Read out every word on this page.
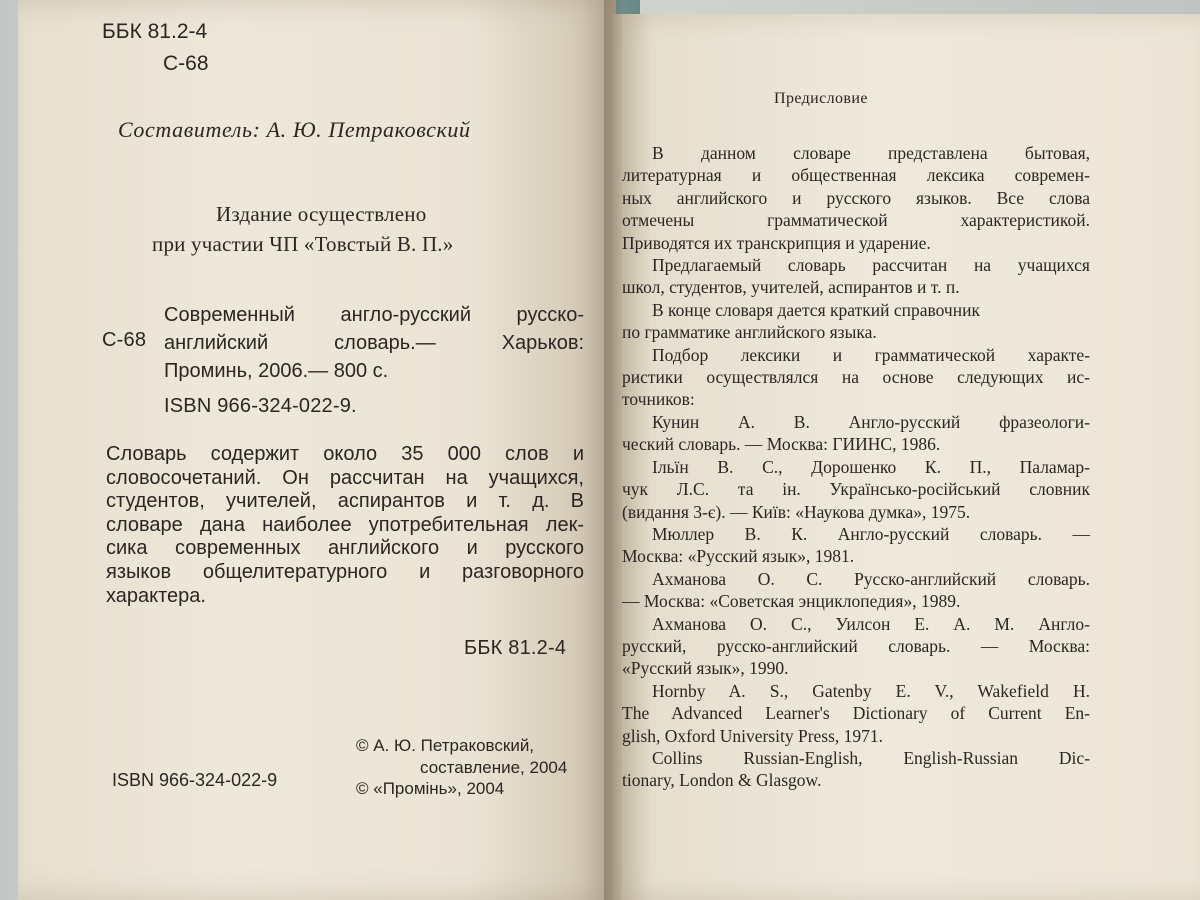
ББК 81.2-4

С-68

Составитель: А. Ю. Петраковский

Издание осуществлено

при участии ЧП «Товстый В. П.»

С-68

Современный англо-русский русско-
английский словарь.— Харьков:
Проминь, 2006.— 800 с.

ISBN 966-324-022-9.

Словарь содержит около 35 000 слов и
словосочетаний. Он рассчитан на учащихся,
студентов, учителей, аспирантов и т. д. В
словаре дана наиболее употребительная лек-
сика современных английского и русского
языков общелитературного и разговорного
характера.

ББК 81.2-4

© А. Ю. Петраковский,
составление, 2004
© «Промінь», 2004

ISBN 966-324-022-9

Предисловие

В данном словаре представлена бытовая,
литературная и общественная лексика современ-
ных английского и русского языков. Все слова
отмечены грамматической характеристикой.
Приводятся их транскрипция и ударение.
Предлагаемый словарь рассчитан на учащихся
школ, студентов, учителей, аспирантов и т. п.
В конце словаря дается краткий справочник
по грамматике английского языка.
Подбор лексики и грамматической характе-
ристики осуществлялся на основе следующих ис-
точников:
Кунин А. В. Англо-русский фразеологи-
ческий словарь. — Москва: ГИИНС, 1986.
Ільїн В. С., Дорошенко К. П., Паламар-
чук Л.С. та ін. Українсько-російський словник
(видання 3-є). — Київ: «Наукова думка», 1975.
Мюллер В. К. Англо-русский словарь. —
Москва: «Русский язык», 1981.
Ахманова О. С. Русско-английский словарь.
— Москва: «Советская энциклопедия», 1989.
Ахманова О. С., Уилсон Е. А. М. Англо-
русский, русско-английский словарь. — Москва:
«Русский язык», 1990.
Hornby A. S., Gatenby E. V., Wakefield H.
The Advanced Learner's Dictionary of Current En-
glish, Oxford University Press, 1971.
Collins Russian-English, English-Russian Dic-
tionary, London & Glasgow.
